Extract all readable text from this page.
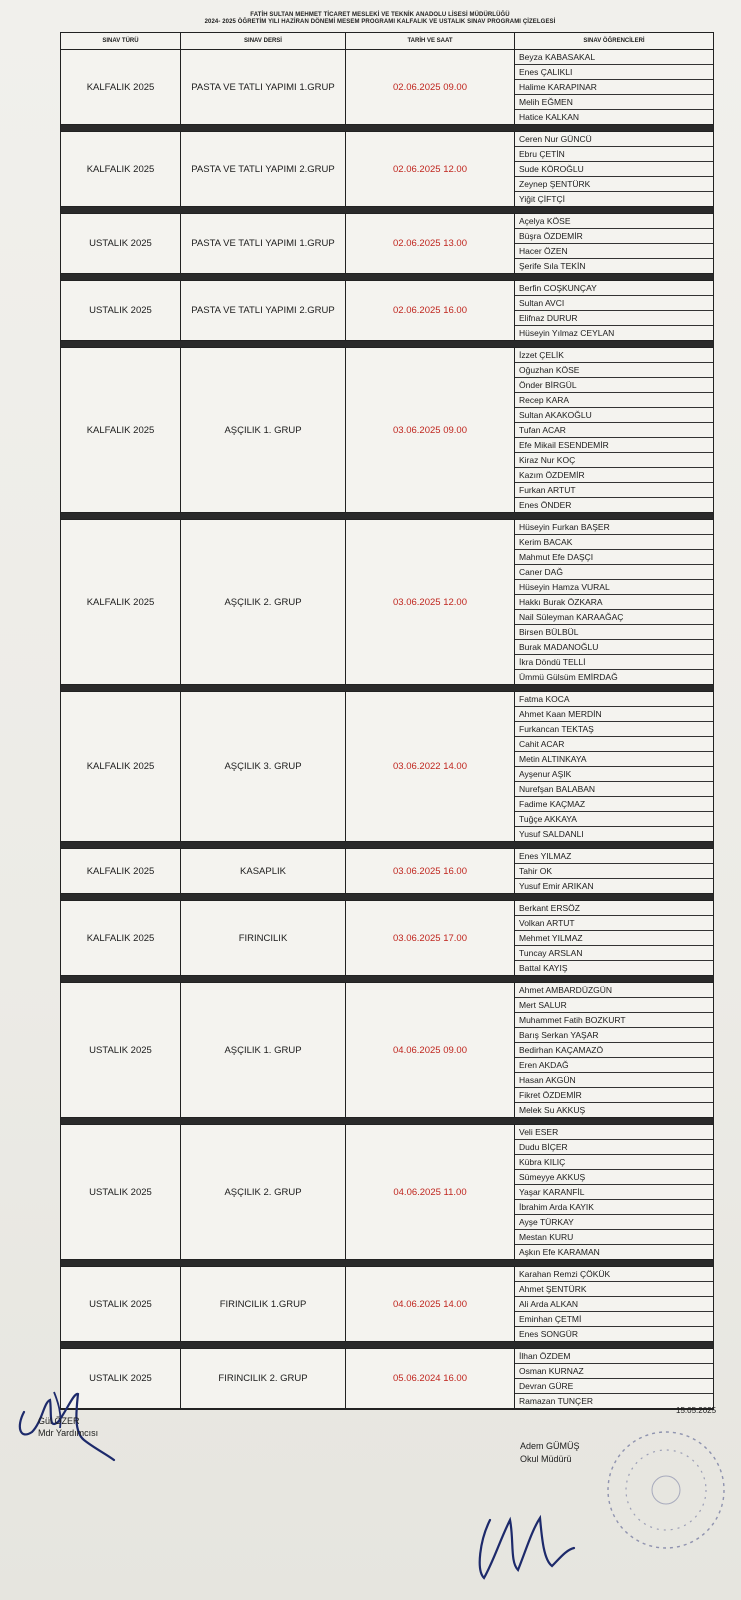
FATİH SULTAN MEHMET TİCARET MESLEKİ VE TEKNİK ANADOLU LİSESİ MÜDÜRLÜĞÜ
2024- 2025 ÖĞRETİM YILI HAZİRAN DÖNEMİ MESEM PROGRAMI KALFALIK VE USTALIK SINAV PROGRAMI ÇİZELGESİ
SINAV TÜRÜ	SINAV DERSİ	TARİH VE SAAT	SINAV ÖĞRENCİLERİ
KALFALIK 2025	PASTA VE TATLI YAPIMI 1.GRUP	02.06.2025 09.00
Beyza KABASAKAL
Enes ÇALIKLI
Halime KARAPINAR
Melih EĞMEN
Hatice KALKAN
KALFALIK 2025	PASTA VE TATLI YAPIMI 2.GRUP	02.06.2025 12.00
Ceren Nur GÜNCÜ
Ebru ÇETİN
Sude KÖROĞLU
Zeynep ŞENTÜRK
Yiğit ÇİFTÇİ
USTALIK 2025	PASTA VE TATLI YAPIMI 1.GRUP	02.06.2025 13.00
Açelya KÖSE
Büşra ÖZDEMİR
Hacer ÖZEN
Şerife Sıla TEKİN
USTALIK 2025	PASTA VE TATLI YAPIMI 2.GRUP	02.06.2025 16.00
Berfin COŞKUNÇAY
Sultan AVCI
Elifnaz DURUR
Hüseyin Yılmaz CEYLAN
KALFALIK 2025	AŞÇILIK 1. GRUP	03.06.2025 09.00
İzzet ÇELİK
Oğuzhan KÖSE
Önder BİRGÜL
Recep KARA
Sultan AKAKOĞLU
Tufan ACAR
Efe Mikail ESENDEMİR
Kiraz Nur KOÇ
Kazım ÖZDEMİR
Furkan ARTUT
Enes ÖNDER
KALFALIK 2025	AŞÇILIK 2. GRUP	03.06.2025 12.00
Hüseyin Furkan BAŞER
Kerim BACAK
Mahmut Efe DAŞÇI
Caner DAĞ
Hüseyin Hamza VURAL
Hakkı Burak ÖZKARA
Nail Süleyman KARAAĞAÇ
Birsen BÜLBÜL
Burak MADANOĞLU
İkra Döndü TELLİ
Ümmü Gülsüm EMİRDAĞ
KALFALIK 2025	AŞÇILIK 3. GRUP	03.06.2022 14.00
Fatma KOCA
Ahmet Kaan MERDİN
Furkancan TEKTAŞ
Cahit ACAR
Metin ALTINKAYA
Ayşenur AŞIK
Nurefşan BALABAN
Fadime KAÇMAZ
Tuğçe AKKAYA
Yusuf SALDANLI
KALFALIK 2025	KASAPLIK	03.06.2025 16.00
Enes YILMAZ
Tahir OK
Yusuf Emir ARIKAN
KALFALIK 2025	FIRINCILIK	03.06.2025 17.00
Berkant ERSÖZ
Volkan ARTUT
Mehmet YILMAZ
Tuncay ARSLAN
Battal KAYIŞ
USTALIK 2025	AŞÇILIK 1. GRUP	04.06.2025 09.00
Ahmet AMBARDÜZGÜN
Mert SALUR
Muhammet Fatih BOZKURT
Barış Serkan YAŞAR
Bedirhan KAÇAMAZÖ
Eren AKDAĞ
Hasan AKGÜN
Fikret ÖZDEMİR
Melek Su AKKUŞ
USTALIK 2025	AŞÇILIK 2. GRUP	04.06.2025 11.00
Veli ESER
Dudu BİÇER
Kübra KILIÇ
Sümeyye AKKUŞ
Yaşar KARANFİL
İbrahim Arda KAYIK
Ayşe TÜRKAY
Mestan KURU
Aşkın Efe KARAMAN
USTALIK 2025	FIRINCILIK 1.GRUP	04.06.2025 14.00
Karahan Remzi ÇÖKÜK
Ahmet ŞENTÜRK
Ali Arda ALKAN
Eminhan ÇETMİ
Enes SONGÜR
USTALIK 2025	FIRINCILIK 2. GRUP	05.06.2024 16.00
İlhan ÖZDEM
Osman KURNAZ
Devran GÜRE
Ramazan TUNÇER
Gül ÖZER
Mdr Yardımcısı
15.05.2025
Adem GÜMÜŞ
Okul Müdürü
